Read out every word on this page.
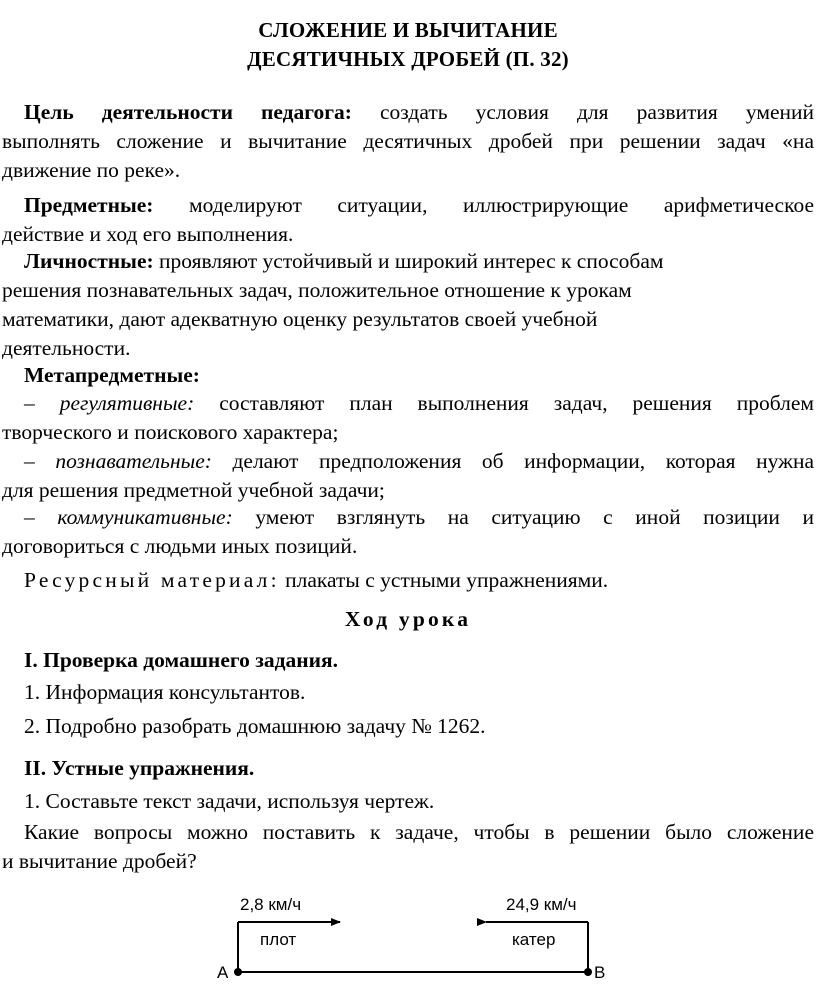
СЛОЖЕНИЕ И ВЫЧИТАНИЕ
ДЕСЯТИЧНЫХ ДРОБЕЙ (П. 32)
Цель деятельности педагога: создать условия для развития умений
выполнять сложение и вычитание десятичных дробей при решении задач «на
движение по реке».
Предметные: моделируют ситуации, иллюстрирующие арифметическое
действие и ход его выполнения.
Личностные: проявляют устойчивый и широкий интерес к способам
решения познавательных задач, положительное отношение к урокам
математики, дают адекватную оценку результатов своей учебной
деятельности.
Метапредметные:
– регулятивные: составляют план выполнения задач, решения проблем
творческого и поискового характера;
– познавательные: делают предположения об информации, которая нужна
для решения предметной учебной задачи;
– коммуникативные: умеют взглянуть на ситуацию с иной позиции и
договориться с людьми иных позиций.
Ресурсный материал: плакаты с устными упражнениями.
Ход урока
I. Проверка домашнего задания.
1. Информация консультантов.
2. Подробно разобрать домашнюю задачу № 1262.
II. Устные упражнения.
1. Составьте текст задачи, используя чертеж.
Какие вопросы можно поставить к задаче, чтобы в решении было сложение
и вычитание дробей?
2,8 км/ч
плот
24,9 км/ч
катер
A	B
